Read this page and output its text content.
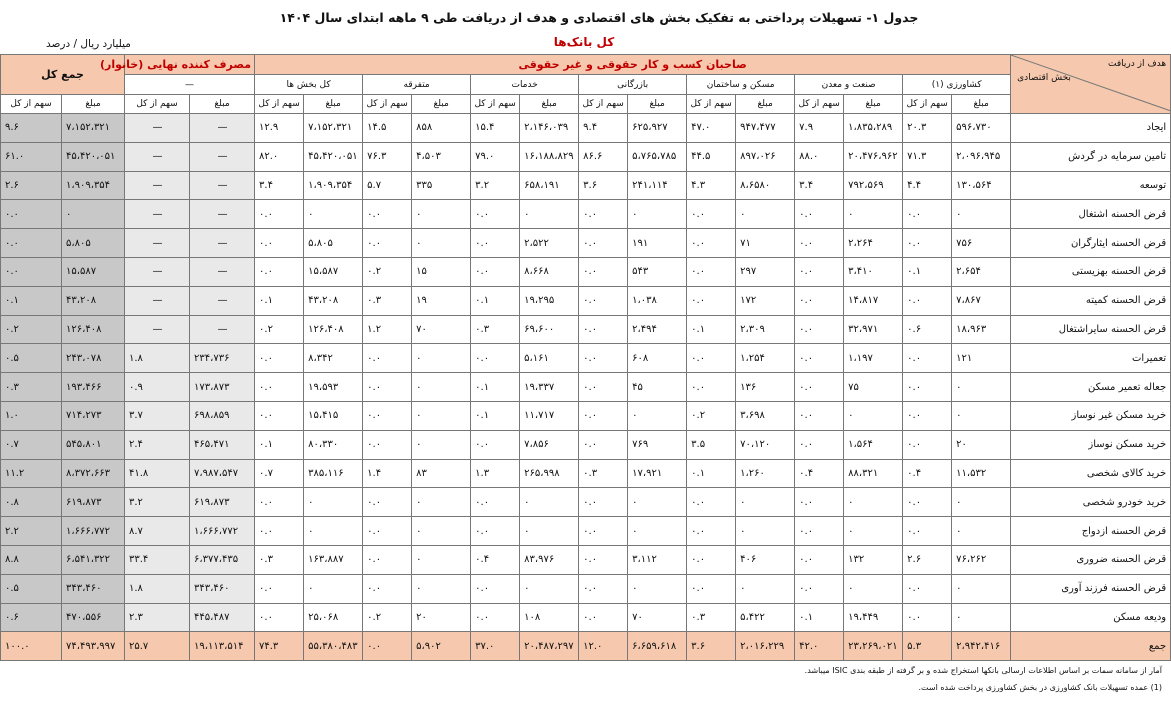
جدول ۱- تسهیلات پرداختی به تفکیک بخش های اقتصادی و هدف از دریافت طی ۹ ماهه ابتدای سال ۱۴۰۴
کل بانک‌ها
میلیارد ریال / درصد
هدف از دریافت
بخش اقتصادی	صاحبان کسب و کار حقوقی و غیر حقوقی														مصرف کننده نهایی (خانوار)		جمع کل	
	کشاورزی (۱)		صنعت و معدن		مسکن و ساختمان		بازرگانی		خدمات		متفرقه		کل بخش ها		—			
	مبلغ	سهم از کل	مبلغ	سهم از کل	مبلغ	سهم از کل	مبلغ	سهم از کل	مبلغ	سهم از کل	مبلغ	سهم از کل	مبلغ	سهم از کل	مبلغ	سهم از کل	مبلغ	سهم از کل
ایجاد	۵۹۶،۷۳۰	۲۰.۳	۱،۸۳۵،۲۸۹	۷.۹	۹۴۷،۴۷۷	۴۷.۰	۶۲۵،۹۲۷	۹.۴	۲،۱۴۶،۰۳۹	۱۵.۴	۸۵۸	۱۴.۵	۷،۱۵۲،۳۲۱	۱۲.۹	—	—	۷،۱۵۲،۳۲۱	۹.۶
تامین سرمایه در گردش	۲،۰۹۶،۹۴۵	۷۱.۳	۲۰،۴۷۶،۹۶۲	۸۸.۰	۸۹۷،۰۲۶	۴۴.۵	۵،۷۶۵،۷۸۵	۸۶.۶	۱۶،۱۸۸،۸۲۹	۷۹.۰	۴،۵۰۳	۷۶.۳	۴۵،۴۲۰،۰۵۱	۸۲.۰	—	—	۴۵،۴۲۰،۰۵۱	۶۱.۰
توسعه	۱۳۰،۵۶۴	۴.۴	۷۹۲،۵۶۹	۳.۴	۸،۶۵۸۰	۴.۳	۲۴۱،۱۱۴	۳.۶	۶۵۸،۱۹۱	۳.۲	۳۳۵	۵.۷	۱،۹۰۹،۳۵۴	۳.۴	—	—	۱،۹۰۹،۳۵۴	۲.۶
قرض الحسنه اشتغال	۰	۰.۰	۰	۰.۰	۰	۰.۰	۰	۰.۰	۰	۰.۰	۰	۰.۰	۰	۰.۰	—	—	۰	۰.۰
قرض الحسنه ایثارگران	۷۵۶	۰.۰	۲،۲۶۴	۰.۰	۷۱	۰.۰	۱۹۱	۰.۰	۲،۵۲۲	۰.۰	۰	۰.۰	۵،۸۰۵	۰.۰	—	—	۵،۸۰۵	۰.۰
قرض الحسنه بهزیستی	۲،۶۵۴	۰.۱	۳،۴۱۰	۰.۰	۲۹۷	۰.۰	۵۴۳	۰.۰	۸،۶۶۸	۰.۰	۱۵	۰.۲	۱۵،۵۸۷	۰.۰	—	—	۱۵،۵۸۷	۰.۰
قرض الحسنه کمیته	۷،۸۶۷	۰.۰	۱۴،۸۱۷	۰.۰	۱۷۲	۰.۰	۱،۰۳۸	۰.۰	۱۹،۲۹۵	۰.۱	۱۹	۰.۳	۴۳،۲۰۸	۰.۱	—	—	۴۳،۲۰۸	۰.۱
قرض الحسنه سایراشتغال	۱۸،۹۶۳	۰.۶	۳۲،۹۷۱	۰.۰	۲،۳۰۹	۰.۱	۲،۴۹۴	۰.۰	۶۹،۶۰۰	۰.۳	۷۰	۱.۲	۱۲۶،۴۰۸	۰.۲	—	—	۱۲۶،۴۰۸	۰.۲
تعمیرات	۱۲۱	۰.۰	۱،۱۹۷	۰.۰	۱،۲۵۴	۰.۰	۶۰۸	۰.۰	۵،۱۶۱	۰.۰	۰	۰.۰	۸،۳۴۲	۰.۰	۲۳۴،۷۳۶	۱.۸	۲۴۳،۰۷۸	۰.۵
جعاله تعمیر مسکن	۰	۰.۰	۷۵	۰.۰	۱۳۶	۰.۰	۴۵	۰.۰	۱۹،۳۳۷	۰.۱	۰	۰.۰	۱۹،۵۹۳	۰.۰	۱۷۳،۸۷۳	۰.۹	۱۹۳،۴۶۶	۰.۳
خرید مسکن غیر نوساز	۰	۰.۰	۰	۰.۰	۳،۶۹۸	۰.۲	۰	۰.۰	۱۱،۷۱۷	۰.۱	۰	۰.۰	۱۵،۴۱۵	۰.۰	۶۹۸،۸۵۹	۳.۷	۷۱۴،۲۷۳	۱.۰
خرید مسکن نوساز	۲۰	۰.۰	۱،۵۶۴	۰.۰	۷۰،۱۲۰	۳.۵	۷۶۹	۰.۰	۷،۸۵۶	۰.۰	۰	۰.۰	۸۰،۳۳۰	۰.۱	۴۶۵،۴۷۱	۲.۴	۵۴۵،۸۰۱	۰.۷
خرید کالای شخصی	۱۱،۵۳۲	۰.۴	۸۸،۳۲۱	۰.۴	۱،۲۶۰	۰.۱	۱۷،۹۲۱	۰.۳	۲۶۵،۹۹۸	۱.۳	۸۳	۱.۴	۳۸۵،۱۱۶	۰.۷	۷،۹۸۷،۵۴۷	۴۱.۸	۸،۳۷۲،۶۶۳	۱۱.۲
خرید خودرو شخصی	۰	۰.۰	۰	۰.۰	۰	۰.۰	۰	۰.۰	۰	۰.۰	۰	۰.۰	۰	۰.۰	۶۱۹،۸۷۳	۳.۲	۶۱۹،۸۷۳	۰.۸
قرض الحسنه ازدواج	۰	۰.۰	۰	۰.۰	۰	۰.۰	۰	۰.۰	۰	۰.۰	۰	۰.۰	۰	۰.۰	۱،۶۶۶،۷۷۲	۸.۷	۱،۶۶۶،۷۷۲	۲.۲
قرض الحسنه ضروری	۷۶،۲۶۲	۲.۶	۱۳۲	۰.۰	۴۰۶	۰.۰	۳،۱۱۲	۰.۰	۸۳،۹۷۶	۰.۴	۰	۰.۰	۱۶۳،۸۸۷	۰.۳	۶،۳۷۷،۴۳۵	۳۳.۴	۶،۵۴۱،۳۲۲	۸.۸
قرض الحسنه فرزند آوری	۰	۰.۰	۰	۰.۰	۰	۰.۰	۰	۰.۰	۰	۰.۰	۰	۰.۰	۰	۰.۰	۳۴۳،۴۶۰	۱.۸	۳۴۳،۴۶۰	۰.۵
ودیعه مسکن	۰	۰.۰	۱۹،۴۴۹	۰.۱	۵،۴۲۲	۰.۳	۷۰	۰.۰	۱۰۸	۰.۰	۲۰	۰.۲	۲۵،۰۶۸	۰.۰	۴۴۵،۴۸۷	۲.۳	۴۷۰،۵۵۶	۰.۶
جمع	۲،۹۴۲،۴۱۶	۵.۳	۲۳،۲۶۹،۰۲۱	۴۲.۰	۲،۰۱۶،۲۲۹	۳.۶	۶،۶۵۹،۶۱۸	۱۲.۰	۲۰،۴۸۷،۲۹۷	۳۷.۰	۵،۹۰۲	۰.۰	۵۵،۳۸۰،۴۸۳	۷۴.۳	۱۹،۱۱۳،۵۱۴	۲۵.۷	۷۴،۴۹۳،۹۹۷	۱۰۰.۰
آمار از سامانه سمات بر اساس اطلاعات ارسالی بانکها استخراج شده و بر گرفته از طبقه بندی ISIC میباشد.
(1) عمده تسهیلات بانک کشاورزی در بخش کشاورزی پرداخت شده است.
